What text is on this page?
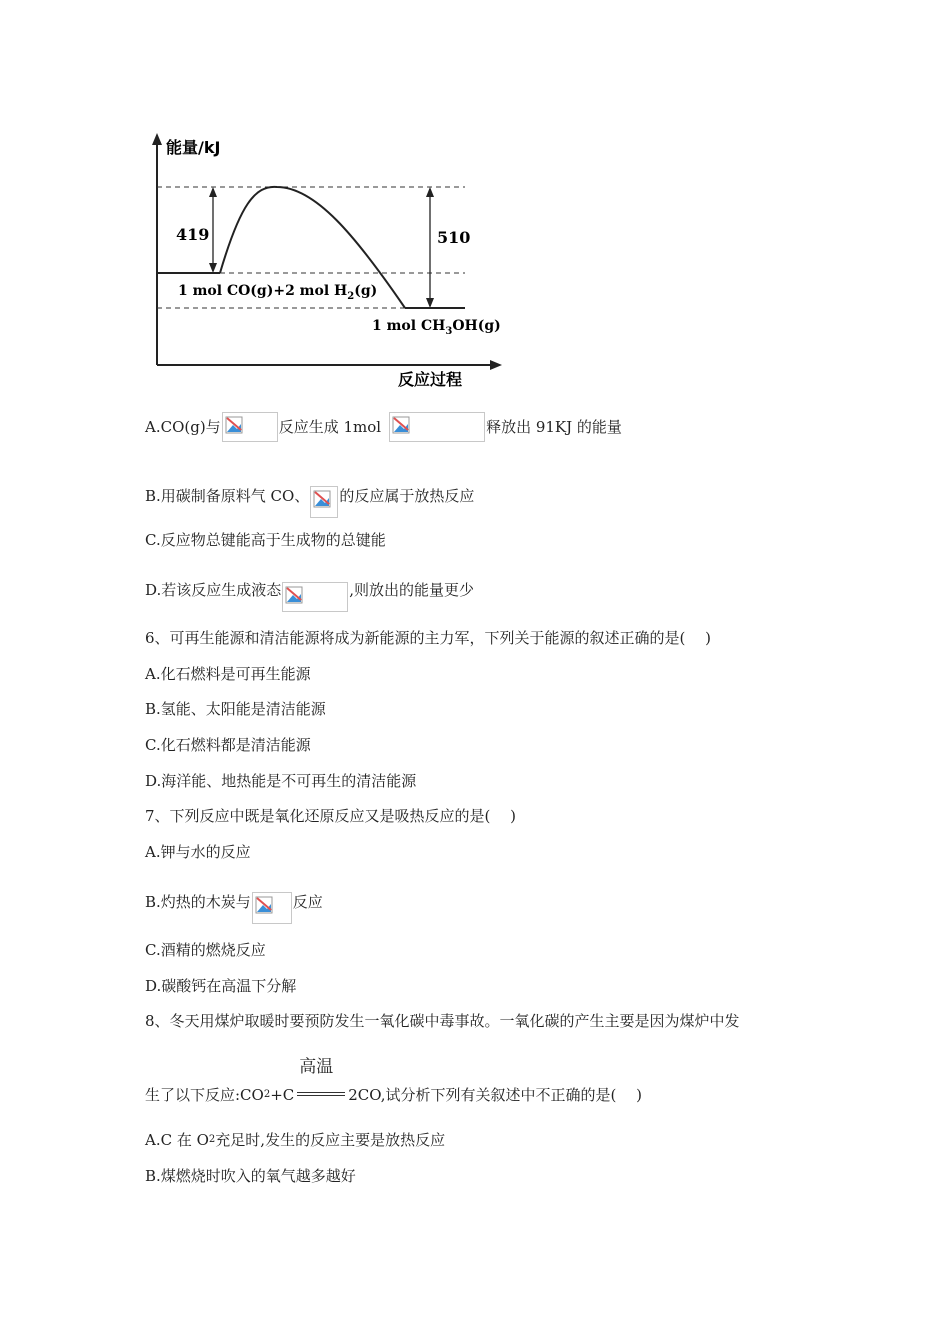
能量/kJ
419	510
1 mol CO(g)+2 mol $H_2(g)$
1 mol $CH_3OH(g)$
反应过程
A.CO(g)与	反应生成 1mol	释放出 91KJ 的能量
B.用碳制备原料气 CO、 的反应属于放热反应
C.反应物总键能高于生成物的总键能
D.若该反应生成液态	,则放出的能量更少
6、可再生能源和清洁能源将成为新能源的主力军，下列关于能源的叙述正确的是(　 )
A.化石燃料是可再生能源
B.氢能、太阳能是清洁能源
C.化石燃料都是清洁能源
D.海洋能、地热能是不可再生的清洁能源
7、下列反应中既是氧化还原反应又是吸热反应的是(　 )
A.钾与水的反应
B.灼热的木炭与	反应
C.酒精的燃烧反应
D.碳酸钙在高温下分解
8、冬天用煤炉取暖时要预防发生一氧化碳中毒事故。一氧化碳的产生主要是因为煤炉中发
生了以下反应:CO 2 +C
高温
2CO,试分析下列有关叙述中不正确的是(　 )
A.C 在 O 2 充足时,发生的反应主要是放热反应
B.煤燃烧时吹入的氧气越多越好
